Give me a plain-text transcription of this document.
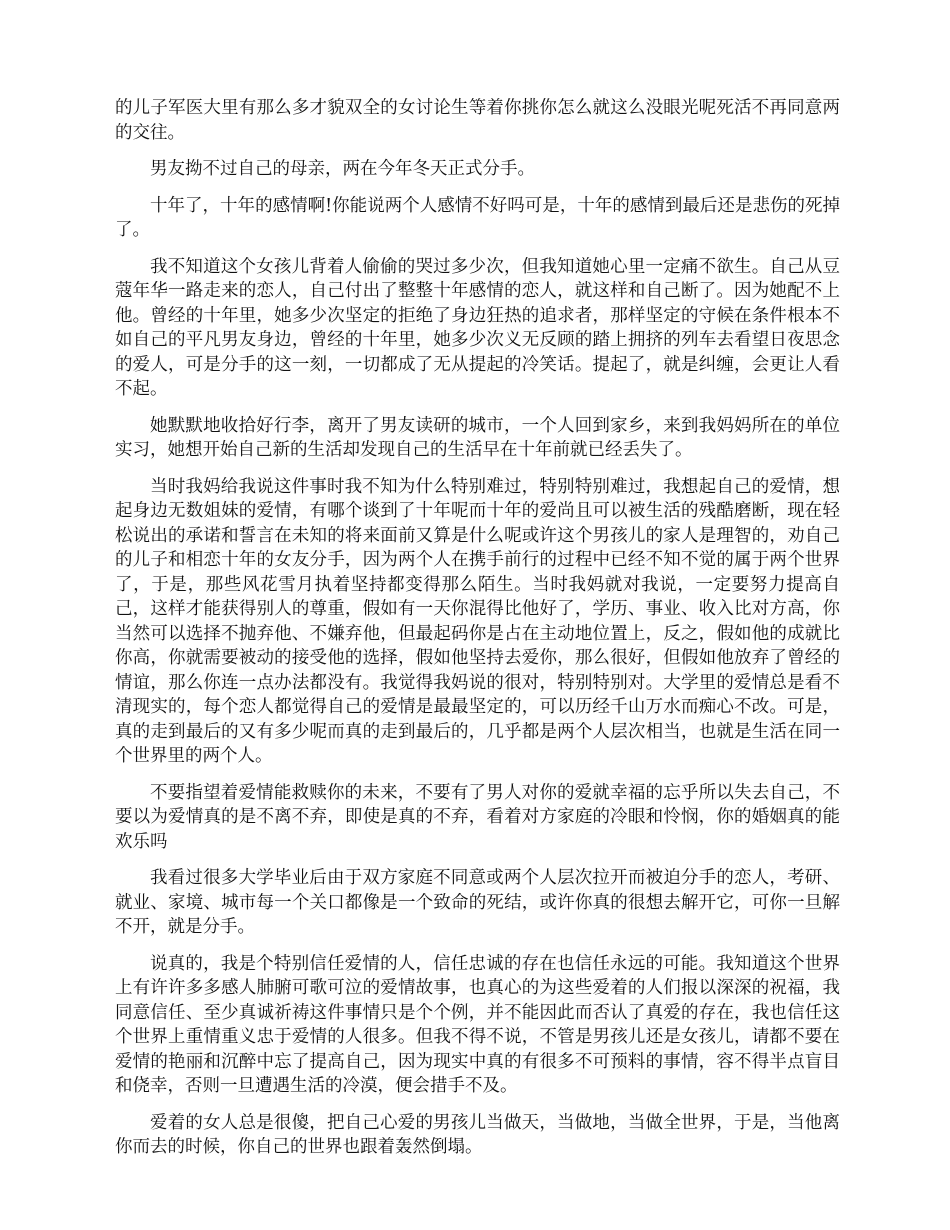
的儿子军医大里有那么多才貌双全的女讨论生等着你挑你怎么就这么没眼光呢死活不再同意两的交往。

男友拗不过自己的母亲，两在今年冬天正式分手。

十年了，十年的感情啊!你能说两个人感情不好吗可是，十年的感情到最后还是悲伤的死掉了。

我不知道这个女孩儿背着人偷偷的哭过多少次，但我知道她心里一定痛不欲生。自己从豆蔻年华一路走来的恋人，自己付出了整整十年感情的恋人，就这样和自己断了。因为她配不上他。曾经的十年里，她多少次坚定的拒绝了身边狂热的追求者，那样坚定的守候在条件根本不如自己的平凡男友身边，曾经的十年里，她多少次义无反顾的踏上拥挤的列车去看望日夜思念的爱人，可是分手的这一刻，一切都成了无从提起的冷笑话。提起了，就是纠缠，会更让人看不起。

她默默地收拾好行李，离开了男友读研的城市，一个人回到家乡，来到我妈妈所在的单位实习，她想开始自己新的生活却发现自己的生活早在十年前就已经丢失了。

当时我妈给我说这件事时我不知为什么特别难过，特别特别难过，我想起自己的爱情，想起身边无数姐妹的爱情，有哪个谈到了十年呢而十年的爱尚且可以被生活的残酷磨断，现在轻松说出的承诺和誓言在未知的将来面前又算是什么呢或许这个男孩儿的家人是理智的，劝自己的儿子和相恋十年的女友分手，因为两个人在携手前行的过程中已经不知不觉的属于两个世界了，于是，那些风花雪月执着坚持都变得那么陌生。当时我妈就对我说，一定要努力提高自己，这样才能获得别人的尊重，假如有一天你混得比他好了，学历、事业、收入比对方高，你当然可以选择不抛弃他、不嫌弃他，但最起码你是占在主动地位置上，反之，假如他的成就比你高，你就需要被动的接受他的选择，假如他坚持去爱你，那么很好，但假如他放弃了曾经的情谊，那么你连一点办法都没有。我觉得我妈说的很对，特别特别对。大学里的爱情总是看不清现实的，每个恋人都觉得自己的爱情是最最坚定的，可以历经千山万水而痴心不改。可是，真的走到最后的又有多少呢而真的走到最后的，几乎都是两个人层次相当，也就是生活在同一个世界里的两个人。

不要指望着爱情能救赎你的未来，不要有了男人对你的爱就幸福的忘乎所以失去自己，不要以为爱情真的是不离不弃，即使是真的不弃，看着对方家庭的冷眼和怜悯，你的婚姻真的能欢乐吗

我看过很多大学毕业后由于双方家庭不同意或两个人层次拉开而被迫分手的恋人，考研、就业、家境、城市每一个关口都像是一个致命的死结，或许你真的很想去解开它，可你一旦解不开，就是分手。

说真的，我是个特别信任爱情的人，信任忠诚的存在也信任永远的可能。我知道这个世界上有许许多多感人肺腑可歌可泣的爱情故事，也真心的为这些爱着的人们报以深深的祝福，我同意信任、至少真诚祈祷这件事情只是个个例，并不能因此而否认了真爱的存在，我也信任这个世界上重情重义忠于爱情的人很多。但我不得不说，不管是男孩儿还是女孩儿，请都不要在爱情的艳丽和沉醉中忘了提高自己，因为现实中真的有很多不可预料的事情，容不得半点盲目和侥幸，否则一旦遭遇生活的冷漠，便会措手不及。

爱着的女人总是很傻，把自己心爱的男孩儿当做天，当做地，当做全世界，于是，当他离你而去的时候，你自己的世界也跟着轰然倒塌。
